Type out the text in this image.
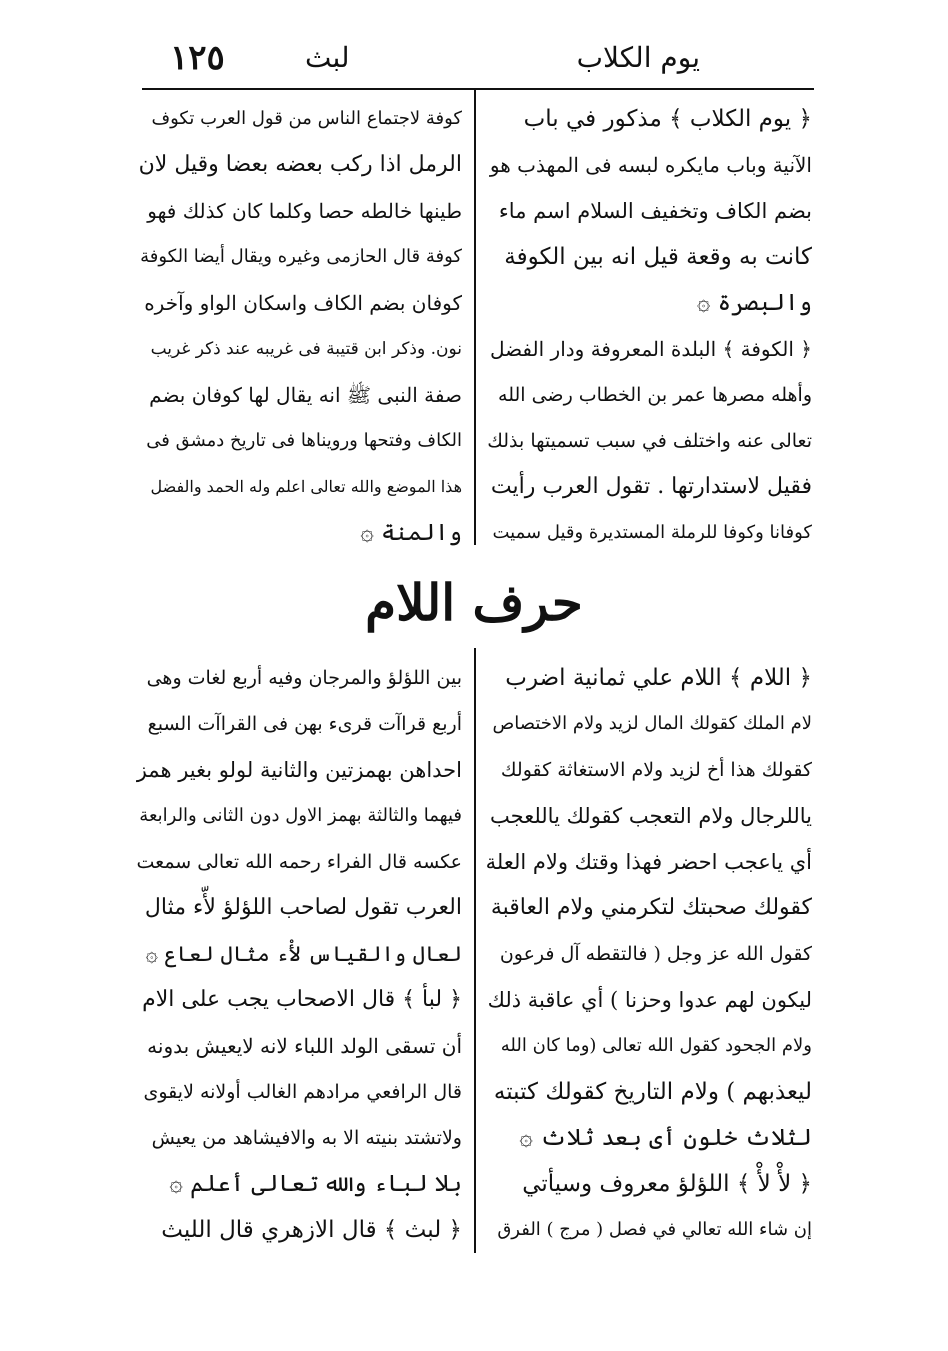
١٢٥	لبث	يوم الكلاب
﴿ يوم الكلاب ﴾ مذكور في باب
الآنية وباب مايكره لبسه فى المهذب هو
بضم الكاف وتخفيف السلام اسم ماء
كانت به وقعة قيل انه بين الكوفة
والبصرة ۞
﴿ الكوفة ﴾ البلدة المعروفة ودار الفضل
وأهله مصرها عمر بن الخطاب رضى الله
تعالى عنه واختلف في سبب تسميتها بذلك
فقيل لاستدارتها . تقول العرب رأيت
كوفانا وكوفا للرملة المستديرة وقيل سميت
كوفة لاجتماع الناس من قول العرب تكوف
الرمل اذا ركب بعضه بعضا وقيل لان
طينها خالطه حصا وكلما كان كذلك فهو
كوفة قال الحازمى وغيره ويقال أيضا الكوفة
كوفان بضم الكاف واسكان الواو وآخره
نون. وذكر ابن قتيبة فى غريبه عند ذكر غريب
صفة النبى ﷺ انه يقال لها كوفان بضم
الكاف وفتحها ورويناها فى تاريخ دمشق فى
هذا الموضع والله تعالى اعلم وله الحمد والفضل
والمنة ۞
حرف اللام
﴿ اللام ﴾ اللام علي ثمانية اضرب
لام الملك كقولك المال لزيد ولام الاختصاص
كقولك هذا أخ لزيد ولام الاستغاثة كقولك
ياللرجال ولام التعجب كقولك ياللعجب
أي ياعجب احضر فهذا وقتك ولام العلة
كقولك صحبتك لتكرمني ولام العاقبة
كقول الله عز وجل ( فالتقطه آل فرعون
ليكون لهم عدوا وحزنا ) أي عاقبة ذلك
ولام الجحود كقول الله تعالى (وما كان الله
ليعذبهم ) ولام التاريخ كقولك كتبته
لثلاث خلون أى بعد ثلاث ۞
﴿ لأْ لأْ ﴾ اللؤلؤ معروف وسيأتي
إن شاء الله تعالي في فصل ( مرج ) الفرق
بين اللؤلؤ والمرجان وفيه أربع لغات وهى
أربع قراآت قرىء بهن فى القراآت السبع
احداهن بهمزتين والثانية لولو بغير همز
فيهما والثالثة بهمز الاول دون الثانى والرابعة
عكسه قال الفراء رحمه الله تعالى سمعت
العرب تقول لصاحب اللؤلؤ لأّء مثال
لعال والقياس لأْء مثال لعاع ۞
﴿ لبأ ﴾ قال الاصحاب يجب على الام
أن تسقى الولد اللباء لانه لايعيش بدونه
قال الرافعي مرادهم الغالب أولانه لايقوى
ولاتشتد بنيته الا به والافيشاهد من يعيش
بلا لباء والله تعالى أعلم ۞
﴿ لبث ﴾ قال الازهري قال الليث
